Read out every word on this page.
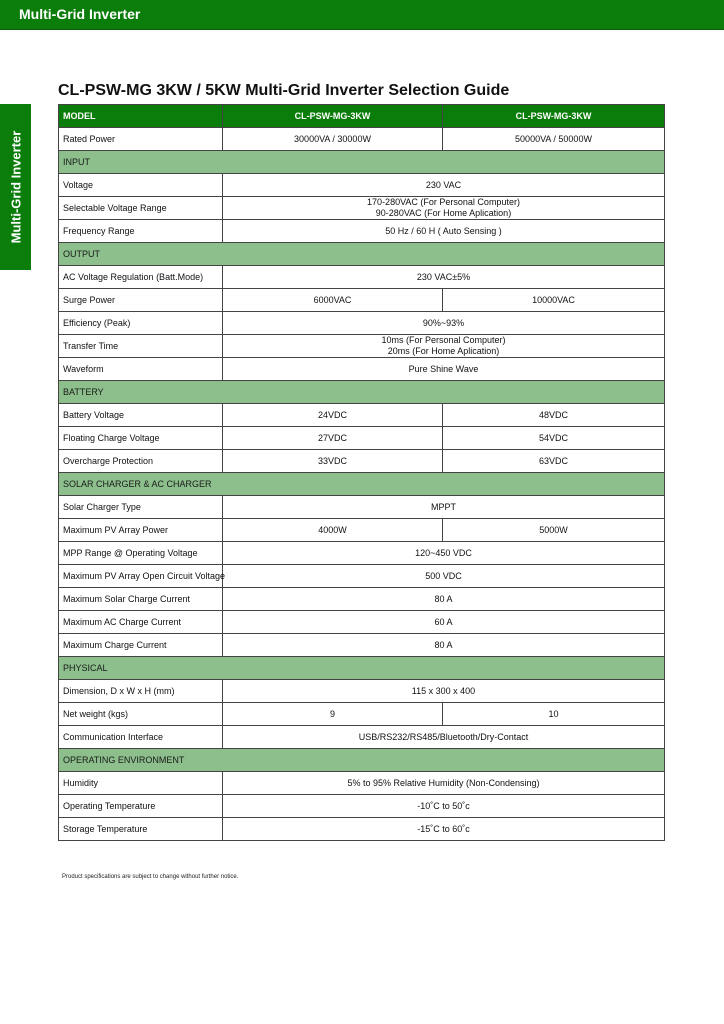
Multi-Grid Inverter
Multi-Grid Inverter
CL-PSW-MG 3KW / 5KW Multi-Grid Inverter Selection Guide
MODEL	CL-PSW-MG-3KW	CL-PSW-MG-3KW
Rated Power	30000VA / 30000W	50000VA / 50000W
INPUT		
Voltage	230 VAC	
Selectable Voltage Range	170-280VAC (For Personal Computer)
90-280VAC (For Home Aplication)	

Frequency Range	50 Hz / 60 H ( Auto Sensing )	
OUTPUT		
AC Voltage Regulation (Batt.Mode)	230 VAC±5%	
Surge Power	6000VAC	10000VAC
Efficiency (Peak)	90%~93%	
Transfer Time	10ms (For Personal Computer)
20ms (For Home Aplication)	

Waveform	Pure Shine Wave	
BATTERY		
Battery Voltage	24VDC	48VDC
Floating Charge Voltage	27VDC	54VDC
Overcharge Protection	33VDC	63VDC
SOLAR CHARGER & AC CHARGER		
Solar Charger Type	MPPT	
Maximum PV Array Power	4000W	5000W
MPP Range @ Operating Voltage	120~450 VDC	
Maximum PV Array Open Circuit Voltage	500 VDC	
Maximum Solar Charge Current	80 A	
Maximum AC Charge Current	60 A	
Maximum Charge Current	80 A	
PHYSICAL		
Dimension, D x W x H (mm)	115 x 300 x 400	
Net weight (kgs)	9	10
Communication Interface	USB/RS232/RS485/Bluetooth/Dry-Contact	
OPERATING ENVIRONMENT		
Humidity	5% to 95% Relative Humidity (Non-Condensing)	
Operating Temperature	-10˚C to 50˚c	
Storage Temperature	-15˚C to 60˚c	
Product specifications are subject to change without further notice.
